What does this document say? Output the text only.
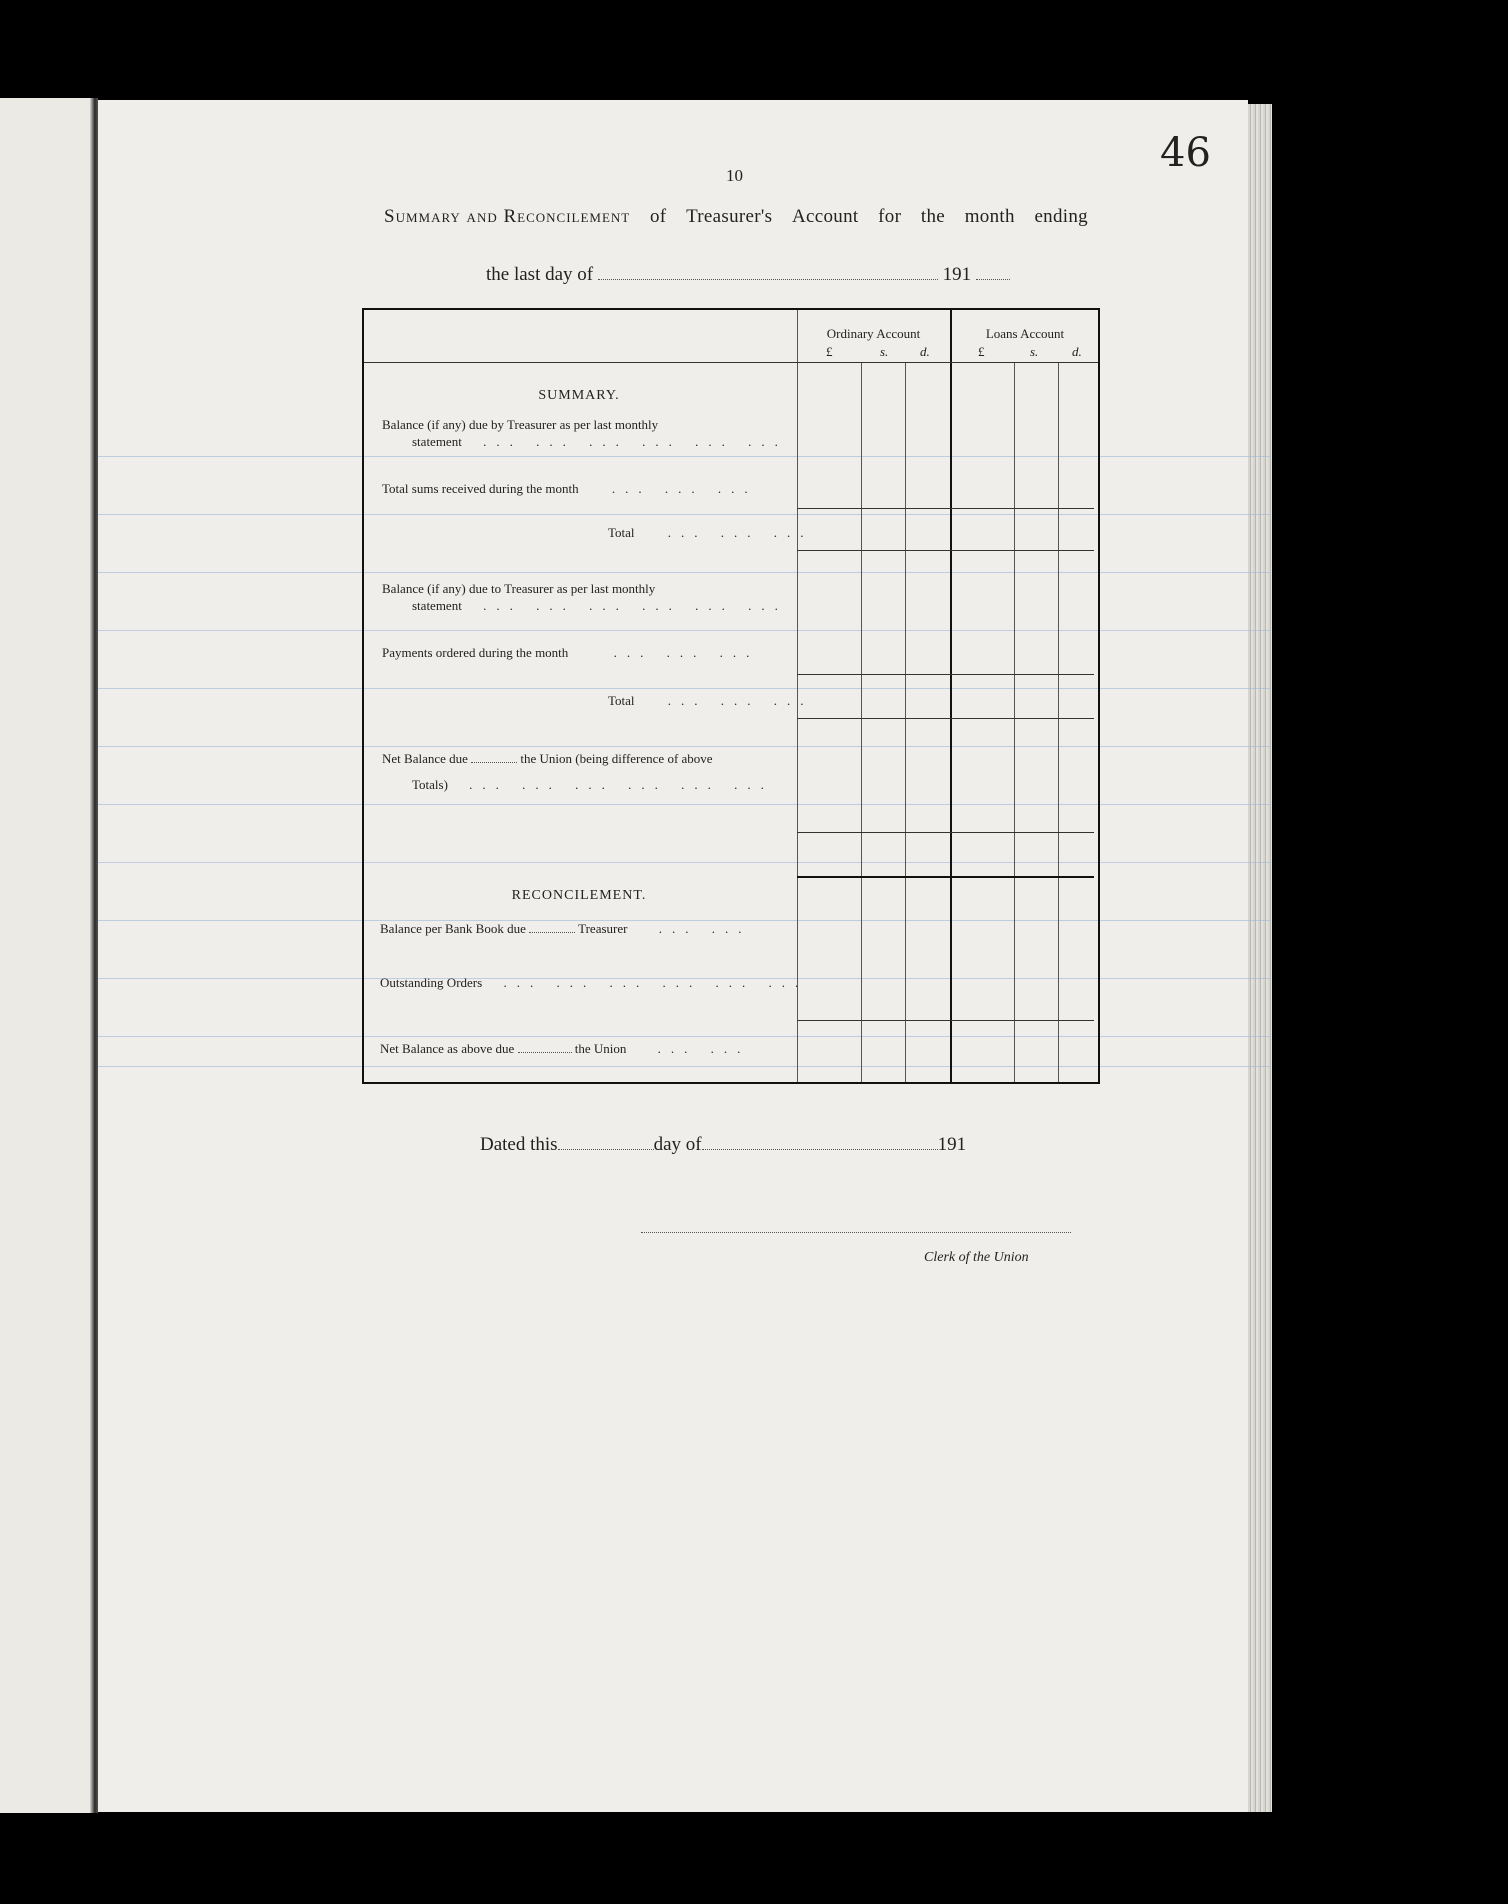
46
10
Summary and Reconcilement of Treasurer's Account for the month ending
the last day of	191
Ordinary Account	Loans Account
£	s. d.	£	s.	d.
SUMMARY.
Balance (if any) due by Treasurer as per last monthly
statement ... ... ... ... ... ...
Total sums received during the month	... ... ...
Total	... ... ...
Balance (if any) due to Treasurer as per last monthly
statement ... ... ... ... ... ...
Payments ordered during the month	... ... ...
Total	... ... ...
Net Balance due	the Union (being difference of above
Totals) ... ... ... ... ... ...
RECONCILEMENT.
Balance per Bank Book due	Treasurer ... ...
Outstanding Orders ... ... ... ... ... ...
Net Balance as above due	the Union ... ...
Dated this	day of	191
Clerk of the Union
